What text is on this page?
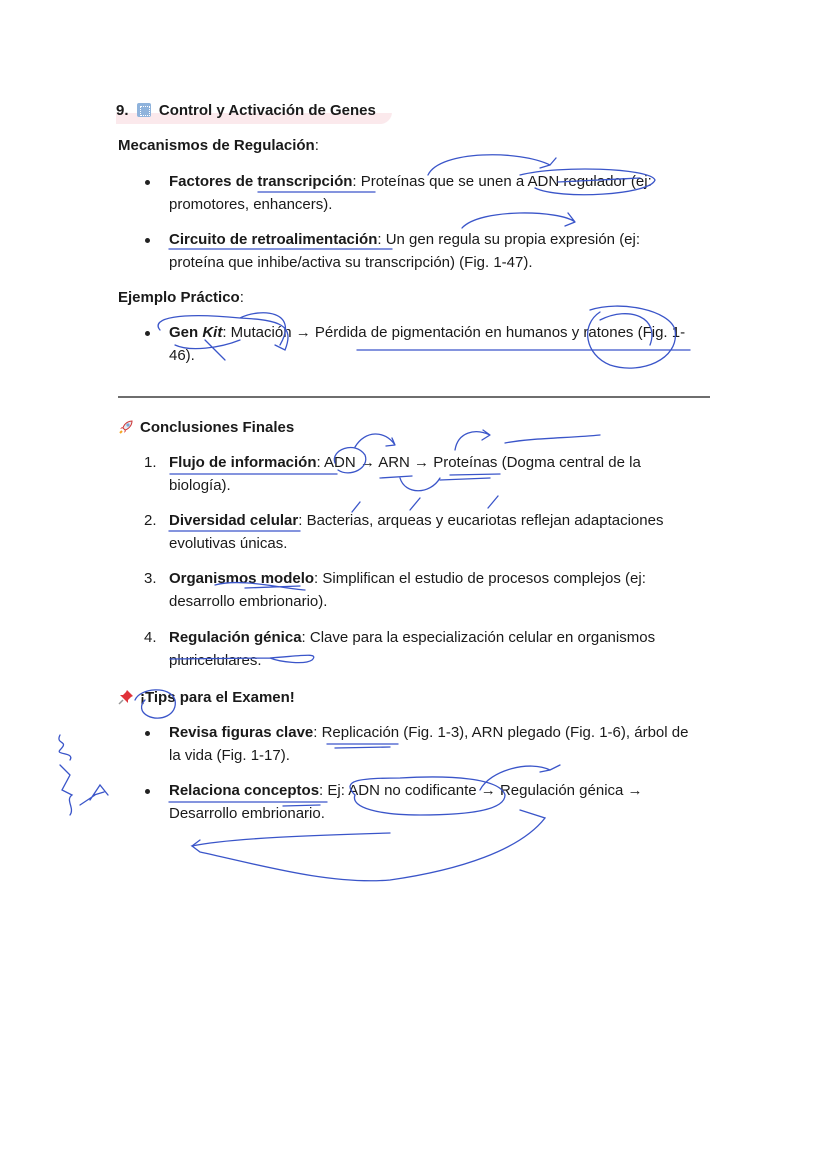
9. Control y Activación de Genes
Mecanismos de Regulación:
Factores de transcripción: Proteínas que se unen a ADN regulador (ej:
promotores, enhancers).
Circuito de retroalimentación: Un gen regula su propia expresión (ej:
proteína que inhibe/activa su transcripción) (Fig. 1-47).
Ejemplo Práctico:
Gen Kit: Mutación → Pérdida de pigmentación en humanos y ratones (Fig. 1-
46).
Conclusiones Finales
1. Flujo de información: ADN → ARN → Proteínas (Dogma central de la
biología).
2. Diversidad celular: Bacterias, arqueas y eucariotas reflejan adaptaciones
evolutivas únicas.
3. Organismos modelo: Simplifican el estudio de procesos complejos (ej:
desarrollo embrionario).
4. Regulación génica: Clave para la especialización celular en organismos
pluricelulares.
¡Tips para el Examen!
Revisa figuras clave: Replicación (Fig. 1-3), ARN plegado (Fig. 1-6), árbol de
la vida (Fig. 1-17).
Relaciona conceptos: Ej: ADN no codificante → Regulación génica →
Desarrollo embrionario.
